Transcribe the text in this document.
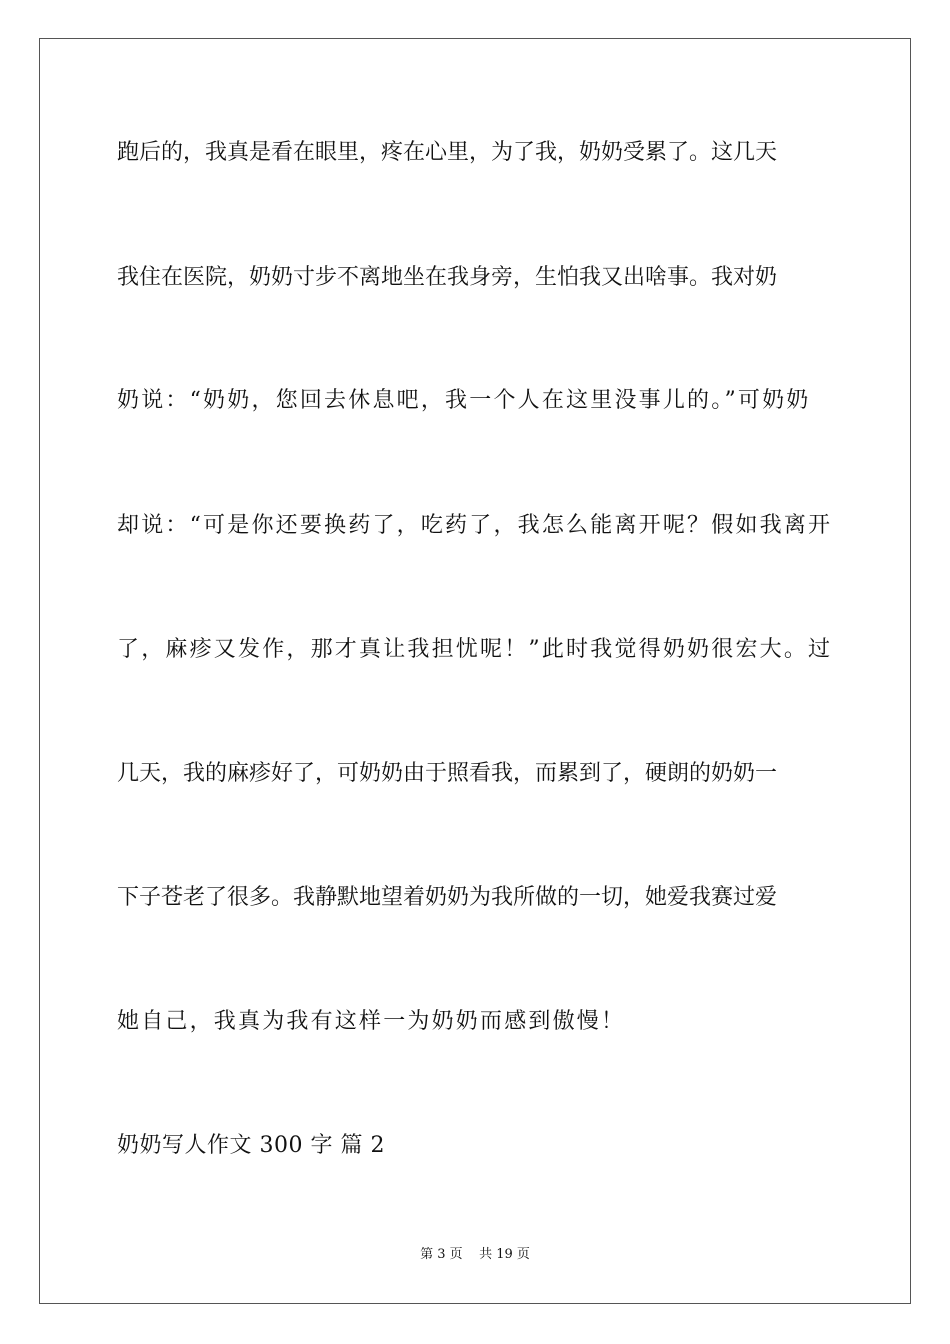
跑后的，我真是看在眼里，疼在心里，为了我，奶奶受累了。这几天
我住在医院，奶奶寸步不离地坐在我身旁，生怕我又出啥事。我对奶
奶说：“奶奶，您回去休息吧，我一个人在这里没事儿的。”可奶奶
却说：“可是你还要换药了，吃药了，我怎么能离开呢？假如我离开
了，麻疹又发作，那才真让我担忧呢！”此时我觉得奶奶很宏大。过
几天，我的麻疹好了，可奶奶由于照看我，而累到了，硬朗的奶奶一
下子苍老了很多。我静默地望着奶奶为我所做的一切，她爱我赛过爱
她自己，我真为我有这样一为奶奶而感到傲慢！
奶奶写人作文 300 字 篇 2
第 3 页    共 19 页
